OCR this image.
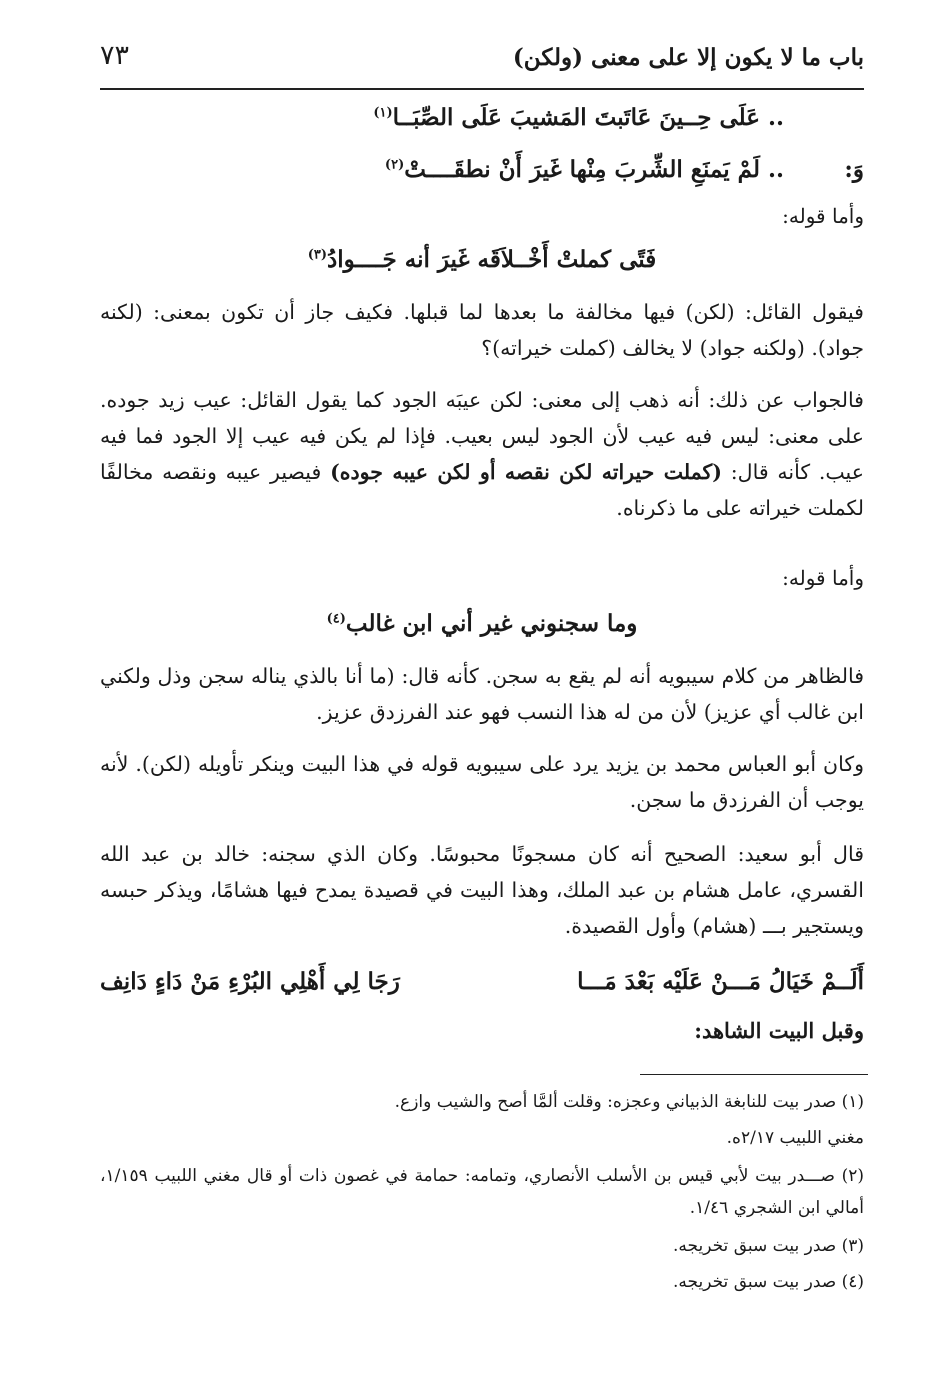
٧٣	باب ما لا يكون إلا على معنى (ولكن)
.. عَلَى حِــينَ عَاتَبتَ المَشيبَ عَلَى الصِّبَــا$^{(١)}$
وَ:.. لَمْ يَمنَعِ الشِّربَ مِنْها غَيرَ أَنْ نطقَــــتْ$^{(٢)}$
وأما قوله:
فَتًى كملتْ أَخْــلاَقَه غَيرَ أنه جَــــوادُ$^{(٣)}$
فيقول القائل: (لكن) فيها مخالفة ما بعدها لما قبلها. فكيف جاز أن تكون بمعنى: (لكنه جواد). (ولكنه جواد) لا يخالف (كملت خيراته)؟
فالجواب عن ذلك: أنه ذهب إلى معنى: لكن عيبَه الجود كما يقول القائل: عيب زيد جوده. على معنى: ليس فيه عيب لأن الجود ليس بعيب. فإذا لم يكن فيه عيب إلا الجود فما فيه عيب. كأنه قال: (كملت حيراته لكن نقصه أو لكن عيبه جوده) فيصير عيبه ونقصه مخالفًا لكملت خيراته على ما ذكرناه.
وأما قوله:
وما سجنوني غير أني ابن غالب$^{(٤)}$
فالظاهر من كلام سيبويه أنه لم يقع به سجن. كأنه قال: (ما أنا بالذي يناله سجن وذل ولكني ابن غالب أي عزيز) لأن من له هذا النسب فهو عند الفرزدق عزيز.
وكان أبو العباس محمد بن يزيد يرد على سيبويه قوله في هذا البيت وينكر تأويله (لكن). لأنه يوجب أن الفرزدق ما سجن.
قال أبو سعيد: الصحيح أنه كان مسجونًا محبوسًا. وكان الذي سجنه: خالد بن عبد الله القسري، عامل هشام بن عبد الملك، وهذا البيت في قصيدة يمدح فيها هشامًا، ويذكر حبسه ويستجير بـــ (هشام) وأول القصيدة.
أَلَــمْ خَيَالُ مَـــنْ عَلَيْه بَعْدَ مَـــا
رَجَا لِي أَهْلِي البُرْءِ مَنْ دَاءٍ دَانِف
وقبل البيت الشاهد:
(١) صدر بيت للنابغة الذبياني وعجزه: وقلت ألمَّا أصح والشيب وازع.
مغني اللبيب ٢/١٧ه.
(٢) صـــدر بيت لأبي قيس بن الأسلب الأنصاري، وتمامه: حمامة في غصون ذات أو قال مغني اللبيب ١/١٥٩، أمالي ابن الشجري ١/٤٦.
(٣) صدر بيت سبق تخريجه.
(٤) صدر بيت سبق تخريجه.
